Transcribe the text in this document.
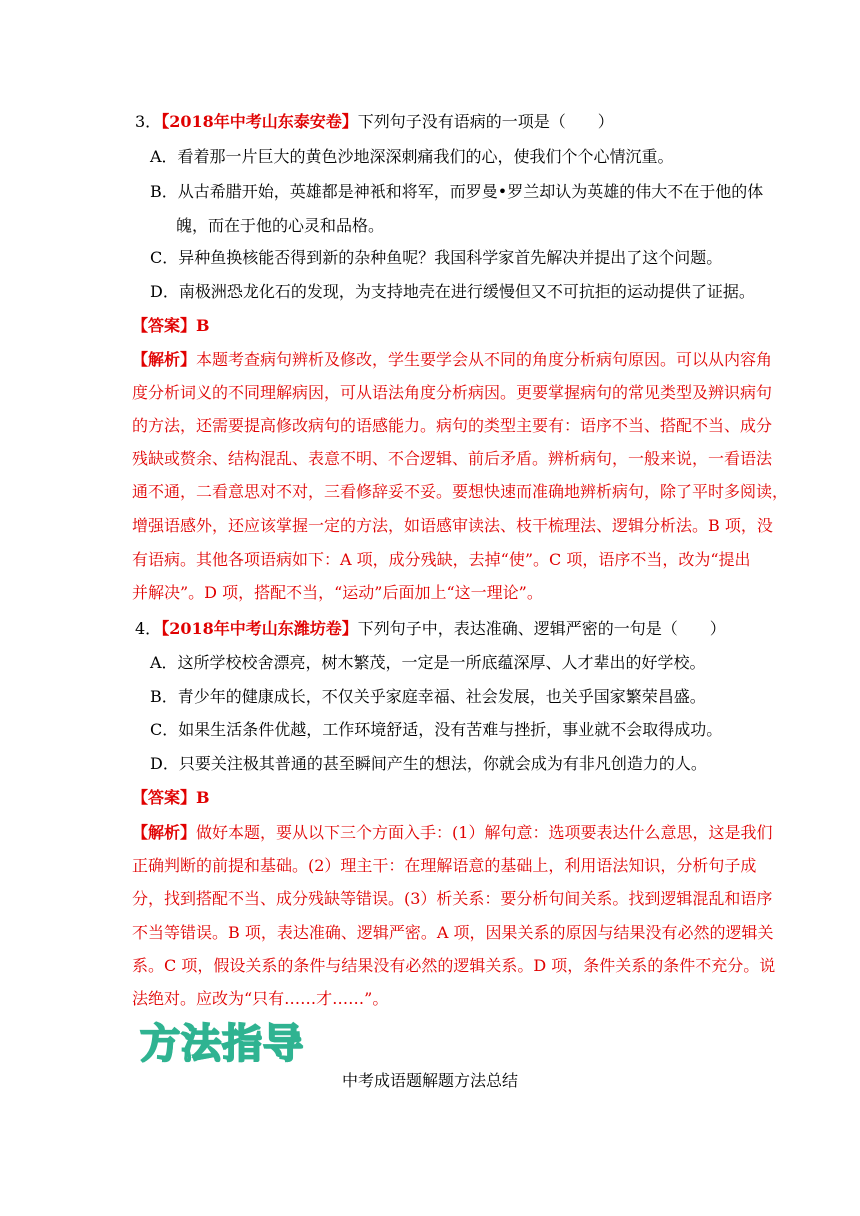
3．【2018年中考山东泰安卷】下列句子没有语病的一项是（　　）
A．看着那一片巨大的黄色沙地深深刺痛我们的心，使我们个个心情沉重。
B．从古希腊开始，英雄都是神衹和将军，而罗曼•罗兰却认为英雄的伟大不在于他的体
魄，而在于他的心灵和品格。
C．异种鱼换核能否得到新的杂种鱼呢？我国科学家首先解决并提出了这个问题。
D．南极洲恐龙化石的发现，为支持地壳在进行缓慢但又不可抗拒的运动提供了证据。
【答案】B
【解析】本题考查病句辨析及修改，学生要学会从不同的角度分析病句原因。可以从内容角
度分析词义的不同理解病因，可从语法角度分析病因。更要掌握病句的常见类型及辨识病句
的方法，还需要提高修改病句的语感能力。病句的类型主要有：语序不当、搭配不当、成分
残缺或赘余、结构混乱、表意不明、不合逻辑、前后矛盾。辨析病句，一般来说，一看语法
通不通，二看意思对不对，三看修辞妥不妥。要想快速而准确地辨析病句，除了平时多阅读，
增强语感外，还应该掌握一定的方法，如语感审读法、枝干梳理法、逻辑分析法。B 项，没
有语病。其他各项语病如下：A 项，成分残缺，去掉“使”。C 项，语序不当，改为“提出
并解决”。D 项，搭配不当，“运动”后面加上“这一理论”。
4．【2018年中考山东潍坊卷】下列句子中，表达准确、逻辑严密的一句是（　　）
A．这所学校校舍漂亮，树木繁茂，一定是一所底蕴深厚、人才辈出的好学校。
B．青少年的健康成长，不仅关乎家庭幸福、社会发展，也关乎国家繁荣昌盛。
C．如果生活条件优越，工作环境舒适，没有苦难与挫折，事业就不会取得成功。
D．只要关注极其普通的甚至瞬间产生的想法，你就会成为有非凡创造力的人。
【答案】B
【解析】做好本题，要从以下三个方面入手：(1）解句意：选项要表达什么意思，这是我们
正确判断的前提和基础。(2）理主干：在理解语意的基础上，利用语法知识，分析句子成
分，找到搭配不当、成分残缺等错误。(3）析关系：要分析句间关系。找到逻辑混乱和语序
不当等错误。B 项，表达准确、逻辑严密。A 项，因果关系的原因与结果没有必然的逻辑关
系。C 项，假设关系的条件与结果没有必然的逻辑关系。D 项，条件关系的条件不充分。说
法绝对。应改为“只有……才……”。
方法指导
中考成语题解题方法总结
